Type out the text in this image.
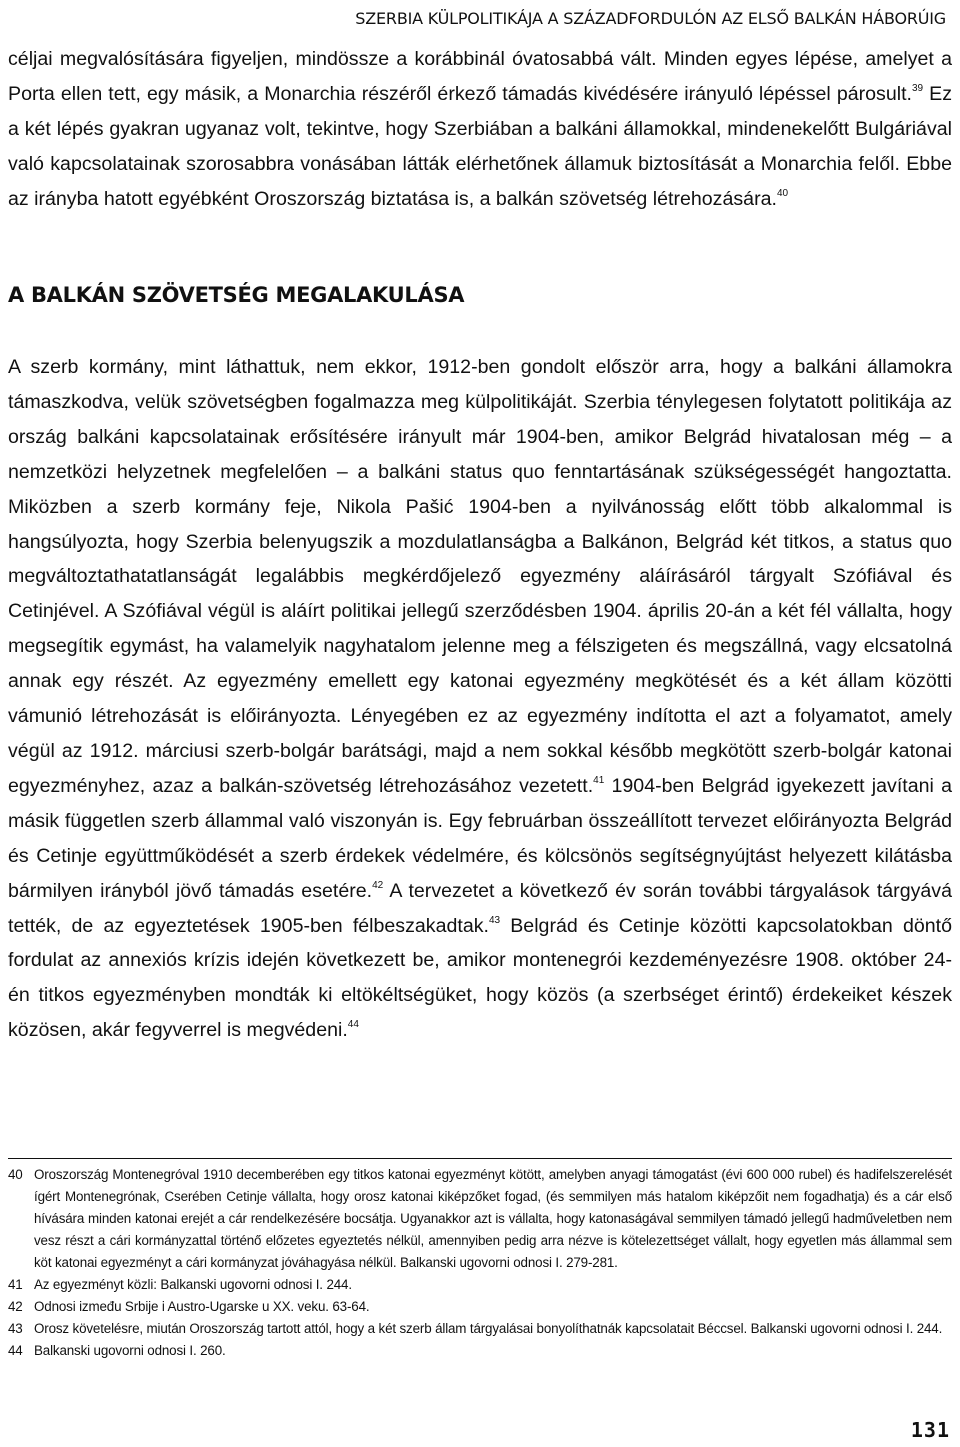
SZERBIA KÜLPOLITIKÁJA A SZÁZADFORDULÓN AZ ELSŐ BALKÁN HÁBORÚIG
céljai megvalósítására figyeljen, mindössze a korábbinál óvatosabbá vált. Minden egyes lépése, amelyet a Porta ellen tett, egy másik, a Monarchia részéről érkező támadás kivédésére irányuló lépéssel párosult.$^{39}$ Ez a két lépés gyakran ugyanaz volt, tekintve, hogy Szerbiában a balkáni államokkal, mindenekelőtt Bulgáriával való kapcsolatainak szorosabbra vonásában látták elérhetőnek államuk biztosítását a Monarchia felől. Ebbe az irányba hatott egyébként Oroszország biztatása is, a balkán szövetség létrehozására.$^{40}$
A BALKÁN SZÖVETSÉG MEGALAKULÁSA
A szerb kormány, mint láthattuk, nem ekkor, 1912-ben gondolt először arra, hogy a balkáni államokra támaszkodva, velük szövetségben fogalmazza meg külpolitikáját. Szerbia ténylegesen folytatott politikája az ország balkáni kapcsolatainak erősítésére irányult már 1904-ben, amikor Belgrád hivatalosan még – a nemzetközi helyzetnek megfelelően – a balkáni status quo fenntartásának szükségességét hangoztatta. Miközben a szerb kormány feje, Nikola Pašić 1904-ben a nyilvánosság előtt több alkalommal is hangsúlyozta, hogy Szerbia belenyugszik a mozdulatlanságba a Balkánon, Belgrád két titkos, a status quo megváltoztathatatlanságát legalábbis megkérdőjelező egyezmény aláírásáról tárgyalt Szófiával és Cetinjével. A Szófiával végül is aláírt politikai jellegű szerződésben 1904. április 20-án a két fél vállalta, hogy megsegítik egymást, ha valamelyik nagyhatalom jelenne meg a félszigeten és megszállná, vagy elcsatolná annak egy részét. Az egyezmény emellett egy katonai egyezmény megkötését és a két állam közötti vámunió létrehozását is előirányozta. Lényegében ez az egyezmény indította el azt a folyamatot, amely végül az 1912. márciusi szerb-bolgár barátsági, majd a nem sokkal később megkötött szerb-bolgár katonai egyezményhez, azaz a balkán-szövetség létrehozásához vezetett.$^{41}$ 1904-ben Belgrád igyekezett javítani a másik független szerb állammal való viszonyán is. Egy februárban összeállított tervezet előirányozta Belgrád és Cetinje együttműködését a szerb érdekek védelmére, és kölcsönös segítségnyújtást helyezett kilátásba bármilyen irányból jövő támadás esetére.$^{42}$ A tervezetet a következő év során további tárgyalások tárgyává tették, de az egyeztetések 1905-ben félbeszakadtak.$^{43}$ Belgrád és Cetinje közötti kapcsolatokban döntő fordulat az annexiós krízis idején következett be, amikor montenegrói kezdeményezésre 1908. október 24-én titkos egyezményben mondták ki eltökéltségüket, hogy közös (a szerbséget érintő) érdekeiket készek közösen, akár fegyverrel is megvédeni.$^{44}$
40 Oroszország Montenegróval 1910 decemberében egy titkos katonai egyezményt kötött, amelyben anyagi támogatást (évi 600 000 rubel) és hadifelszerelését ígért Montenegrónak, Cserében Cetinje vállalta, hogy orosz katonai kiképzőket fogad, (és semmilyen más hatalom kiképzőit nem fogadhatja) és a cár első hívására minden katonai erejét a cár rendelkezésére bocsátja. Ugyanakkor azt is vállalta, hogy katonaságával semmilyen támadó jellegű hadműveletben nem vesz részt a cári kormányzattal történő előzetes egyeztetés nélkül, amennyiben pedig arra nézve is kötelezettséget vállalt, hogy egyetlen más állammal sem köt katonai egyezményt a cári kormányzat jóváhagyása nélkül. Balkanski ugovorni odnosi I. 279-281.
41 Az egyezményt közli: Balkanski ugovorni odnosi I. 244.
42 Odnosi između Srbije i Austro-Ugarske u XX. veku. 63-64.
43 Orosz követelésre, miután Oroszország tartott attól, hogy a két szerb állam tárgyalásai bonyolíthatnák kapcsolatait Béccsel. Balkanski ugovorni odnosi I. 244.
44 Balkanski ugovorni odnosi I. 260.
131
